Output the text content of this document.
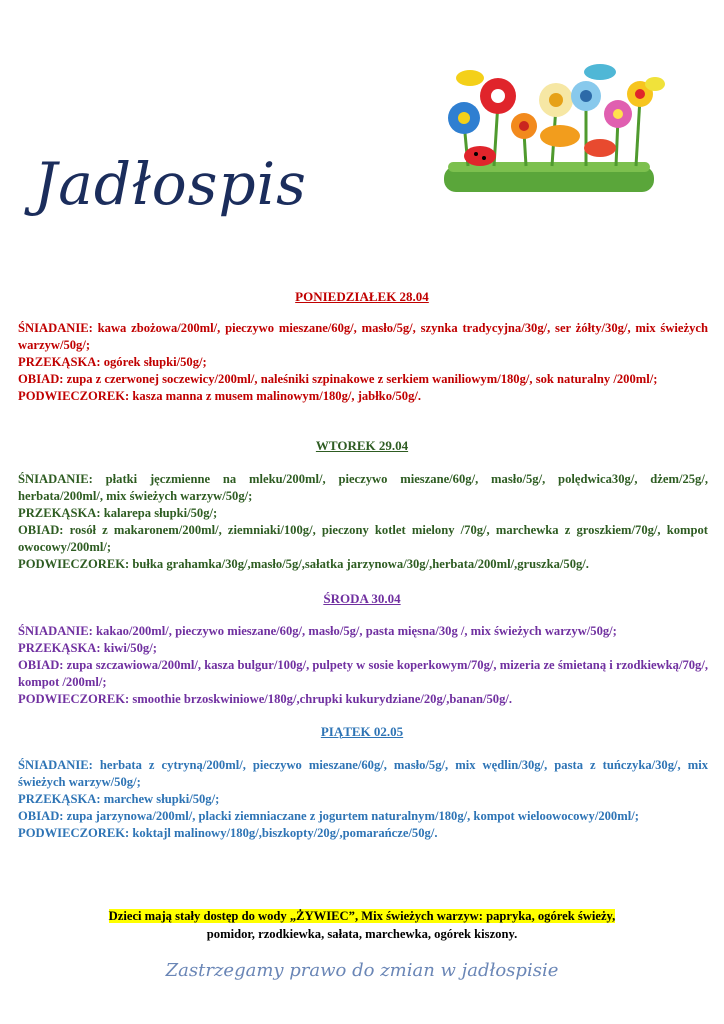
Jadłospis
PONIEDZIAŁEK 28.04

ŚNIADANIE: kawa zbożowa/200ml/, pieczywo mieszane/60g/, masło/5g/, szynka tradycyjna/30g/, ser żółty/30g/, mix świeżych warzyw/50g/;

PRZEKĄSKA: ogórek słupki/50g/;

OBIAD: zupa z czerwonej soczewicy/200ml/, naleśniki szpinakowe z serkiem waniliowym/180g/, sok naturalny /200ml/;

PODWIECZOREK: kasza manna z musem malinowym/180g/, jabłko/50g/.

WTOREK 29.04

ŚNIADANIE: płatki jęczmienne na mleku/200ml/, pieczywo mieszane/60g/, masło/5g/, polędwica30g/, dżem/25g/, herbata/200ml/, mix świeżych warzyw/50g/;

PRZEKĄSKA: kalarepa słupki/50g/;

OBIAD: rosół z makaronem/200ml/, ziemniaki/100g/, pieczony kotlet mielony /70g/, marchewka z groszkiem/70g/, kompot owocowy/200ml/;

PODWIECZOREK: bułka grahamka/30g/,masło/5g/,sałatka jarzynowa/30g/,herbata/200ml/,gruszka/50g/.

ŚRODA 30.04

ŚNIADANIE: kakao/200ml/, pieczywo mieszane/60g/, masło/5g/, pasta mięsna/30g /, mix świeżych warzyw/50g/;

PRZEKĄSKA: kiwi/50g/;

OBIAD: zupa szczawiowa/200ml/, kasza bulgur/100g/, pulpety w sosie koperkowym/70g/, mizeria ze śmietaną i rzodkiewką/70g/, kompot /200ml/;

PODWIECZOREK: smoothie brzoskwiniowe/180g/,chrupki kukurydziane/20g/,banan/50g/.

PIĄTEK 02.05

ŚNIADANIE: herbata z cytryną/200ml/, pieczywo mieszane/60g/, masło/5g/, mix wędlin/30g/, pasta z tuńczyka/30g/, mix świeżych warzyw/50g/;

PRZEKĄSKA: marchew słupki/50g/;

OBIAD: zupa jarzynowa/200ml/, placki ziemniaczane z jogurtem naturalnym/180g/, kompot wieloowocowy/200ml/;

PODWIECZOREK: koktajl malinowy/180g/,biszkopty/20g/,pomarańcze/50g/.

Dzieci mają stały dostęp do wody „ŻYWIEC”, Mix świeżych warzyw: papryka, ogórek świeży,
pomidor, rzodkiewka, sałata, marchewka, ogórek kiszony.
Zastrzegamy prawo do zmian w jadłospisie
